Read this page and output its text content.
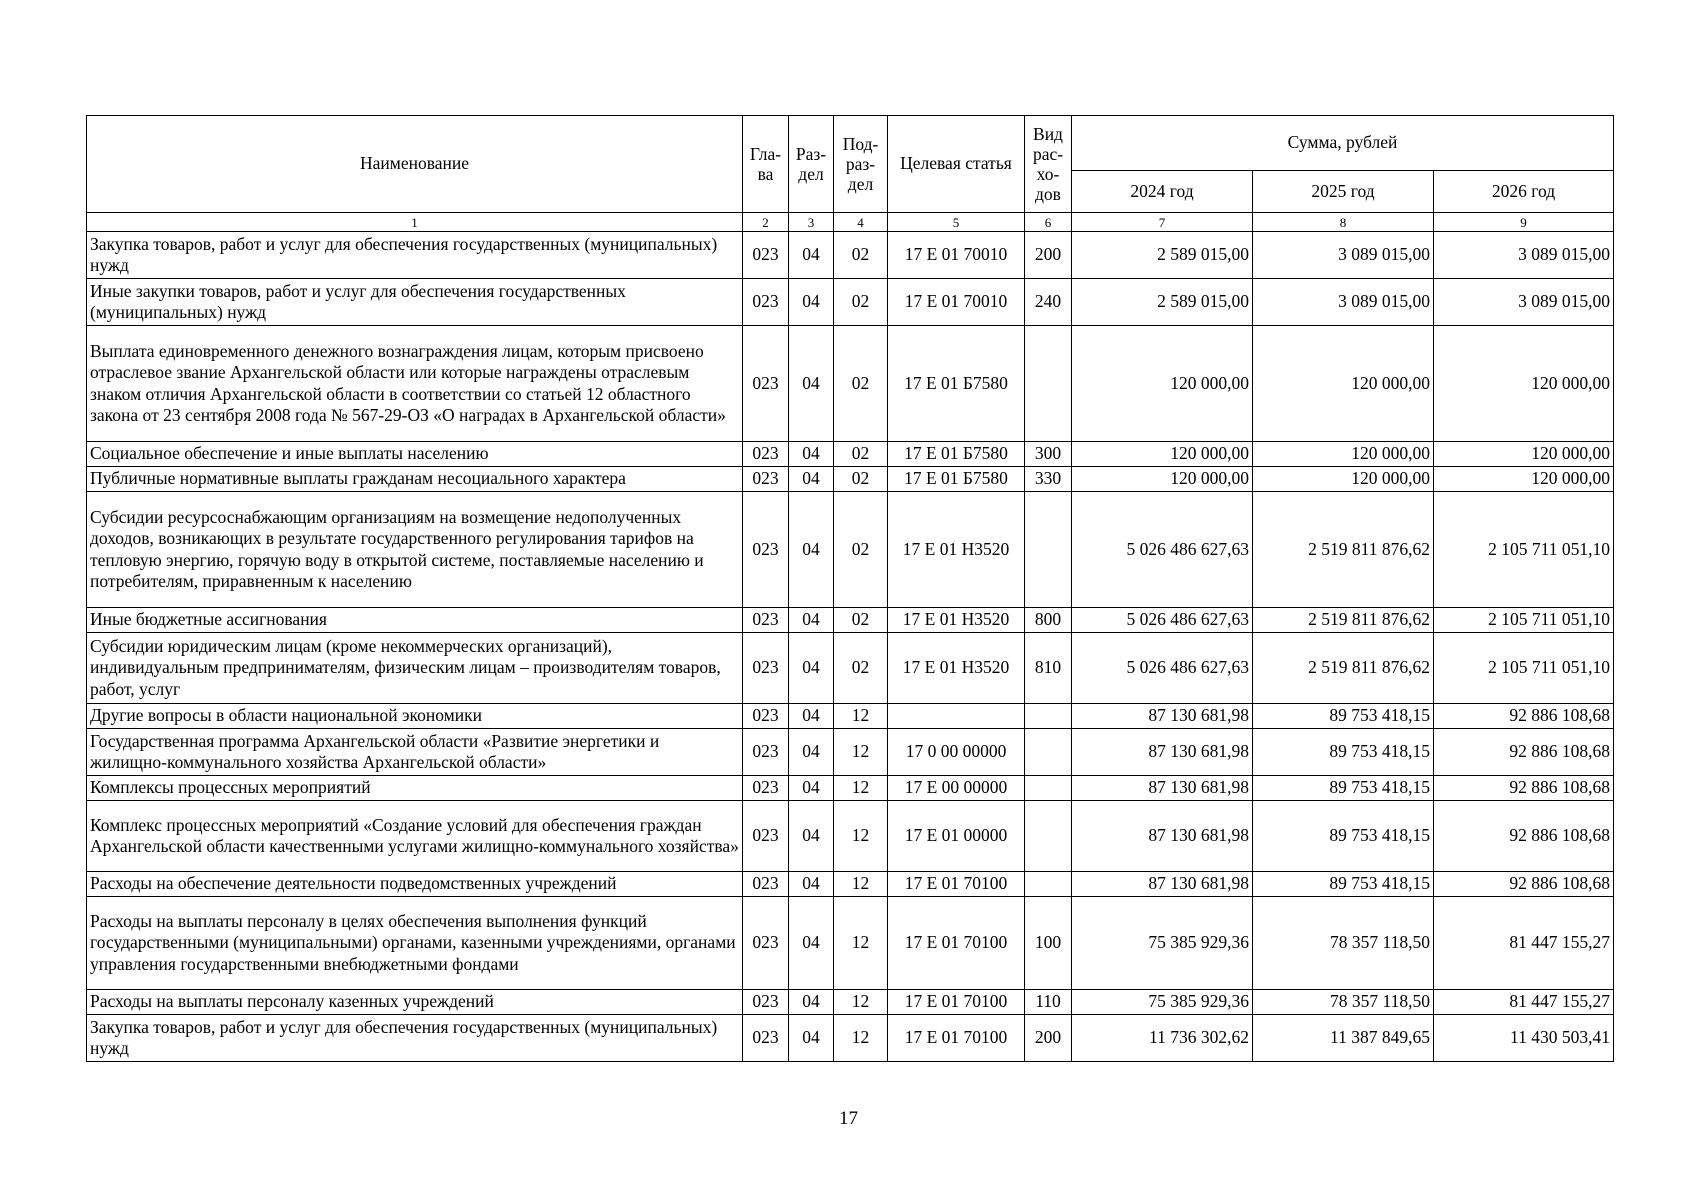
Наименование	Гла-ва	Раз-дел	Под-раз-дел	Целевая статья	Вид рас-хо-дов	Сумма, рублей		
						2024 год	2025 год	2026 год
1	2	3	4	5	6	7	8	9
Закупка товаров, работ и услуг для обеспечения государственных (муниципальных) нужд	023	04	02	17 Е 01 70010	200	2 589 015,00	3 089 015,00	3 089 015,00
Иные закупки товаров, работ и услуг для обеспечения государственных (муниципальных) нужд	023	04	02	17 Е 01 70010	240	2 589 015,00	3 089 015,00	3 089 015,00
Выплата единовременного денежного вознаграждения лицам, которым присвоено отраслевое звание Архангельской области или которые награждены отраслевым знаком отличия Архангельской области в соответствии со статьей 12 областного закона от 23 сентября 2008 года № 567-29-ОЗ «О наградах в Архангельской области»	023	04	02	17 Е 01 Б7580		120 000,00	120 000,00	120 000,00
Социальное обеспечение и иные выплаты населению	023	04	02	17 Е 01 Б7580	300	120 000,00	120 000,00	120 000,00
Публичные нормативные выплаты гражданам несоциального характера	023	04	02	17 Е 01 Б7580	330	120 000,00	120 000,00	120 000,00
Субсидии ресурсоснабжающим организациям на возмещение недополученных доходов, возникающих в результате государственного регулирования тарифов на тепловую энергию, горячую воду в открытой системе, поставляемые населению и потребителям, приравненным к населению	023	04	02	17 Е 01 Н3520		5 026 486 627,63	2 519 811 876,62	2 105 711 051,10
Иные бюджетные ассигнования	023	04	02	17 Е 01 Н3520	800	5 026 486 627,63	2 519 811 876,62	2 105 711 051,10
Субсидии юридическим лицам (кроме некоммерческих организаций), индивидуальным предпринимателям, физическим лицам – производителям товаров, работ, услуг	023	04	02	17 Е 01 Н3520	810	5 026 486 627,63	2 519 811 876,62	2 105 711 051,10
Другие вопросы в области национальной экономики	023	04	12			87 130 681,98	89 753 418,15	92 886 108,68
Государственная программа Архангельской области «Развитие энергетики и жилищно-коммунального хозяйства Архангельской области»	023	04	12	17 0 00 00000		87 130 681,98	89 753 418,15	92 886 108,68
Комплексы процессных мероприятий	023	04	12	17 Е 00 00000		87 130 681,98	89 753 418,15	92 886 108,68
Комплекс процессных мероприятий «Создание условий для обеспечения граждан Архангельской области качественными услугами жилищно-коммунального хозяйства»	023	04	12	17 Е 01 00000		87 130 681,98	89 753 418,15	92 886 108,68
Расходы на обеспечение деятельности подведомственных учреждений	023	04	12	17 Е 01 70100		87 130 681,98	89 753 418,15	92 886 108,68
Расходы на выплаты персоналу в целях обеспечения выполнения функций государственными (муниципальными) органами, казенными учреждениями, органами управления государственными внебюджетными фондами	023	04	12	17 Е 01 70100	100	75 385 929,36	78 357 118,50	81 447 155,27
Расходы на выплаты персоналу казенных учреждений	023	04	12	17 Е 01 70100	110	75 385 929,36	78 357 118,50	81 447 155,27
Закупка товаров, работ и услуг для обеспечения государственных (муниципальных) нужд	023	04	12	17 Е 01 70100	200	11 736 302,62	11 387 849,65	11 430 503,41
17
